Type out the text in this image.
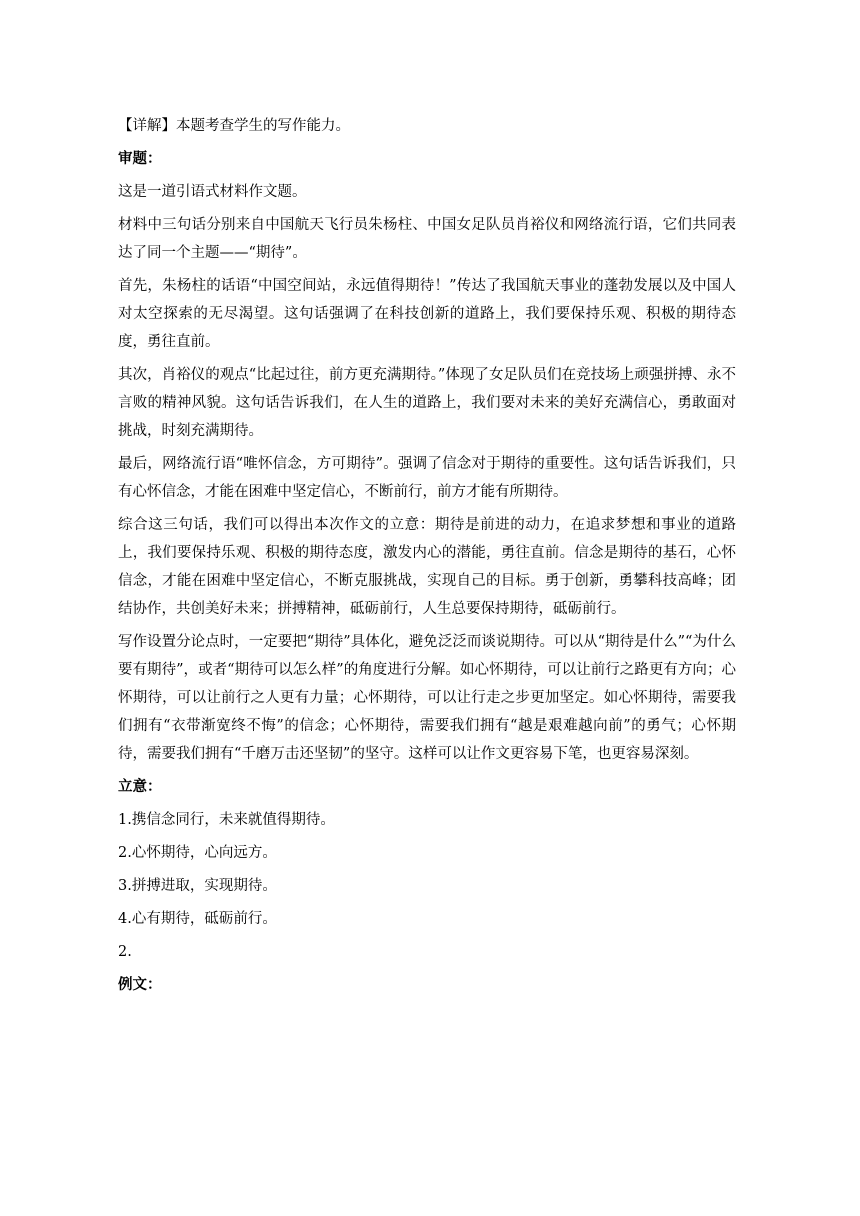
【详解】本题考查学生的写作能力。

审题：

这是一道引语式材料作文题。

材料中三句话分别来自中国航天飞行员朱杨柱、中国女足队员肖裕仪和网络流行语，它们共同表达了同一个主题——“期待”。

首先，朱杨柱的话语“中国空间站，永远值得期待！”传达了我国航天事业的蓬勃发展以及中国人对太空探索的无尽渴望。这句话强调了在科技创新的道路上，我们要保持乐观、积极的期待态度，勇往直前。

其次，肖裕仪的观点“比起过往，前方更充满期待。”体现了女足队员们在竞技场上顽强拼搏、永不言败的精神风貌。这句话告诉我们，在人生的道路上，我们要对未来的美好充满信心，勇敢面对挑战，时刻充满期待。

最后，网络流行语“唯怀信念，方可期待”。强调了信念对于期待的重要性。这句话告诉我们，只有心怀信念，才能在困难中坚定信心，不断前行，前方才能有所期待。

综合这三句话，我们可以得出本次作文的立意：期待是前进的动力，在追求梦想和事业的道路上，我们要保持乐观、积极的期待态度，激发内心的潜能，勇往直前。信念是期待的基石，心怀信念，才能在困难中坚定信心，不断克服挑战，实现自己的目标。勇于创新，勇攀科技高峰；团结协作，共创美好未来；拼搏精神，砥砺前行，人生总要保持期待，砥砺前行。

写作设置分论点时，一定要把“期待”具体化，避免泛泛而谈说期待。可以从“期待是什么”“为什么要有期待”，或者“期待可以怎么样”的角度进行分解。如心怀期待，可以让前行之路更有方向；心怀期待，可以让前行之人更有力量；心怀期待，可以让行走之步更加坚定。如心怀期待，需要我们拥有“衣带渐宽终不悔”的信念；心怀期待，需要我们拥有“越是艰难越向前”的勇气；心怀期待，需要我们拥有“千磨万击还坚韧”的坚守。这样可以让作文更容易下笔，也更容易深刻。

立意：

1.携信念同行，未来就值得期待。

2.心怀期待，心向远方。

3.拼搏进取，实现期待。

4.心有期待，砥砺前行。

2.

例文：
